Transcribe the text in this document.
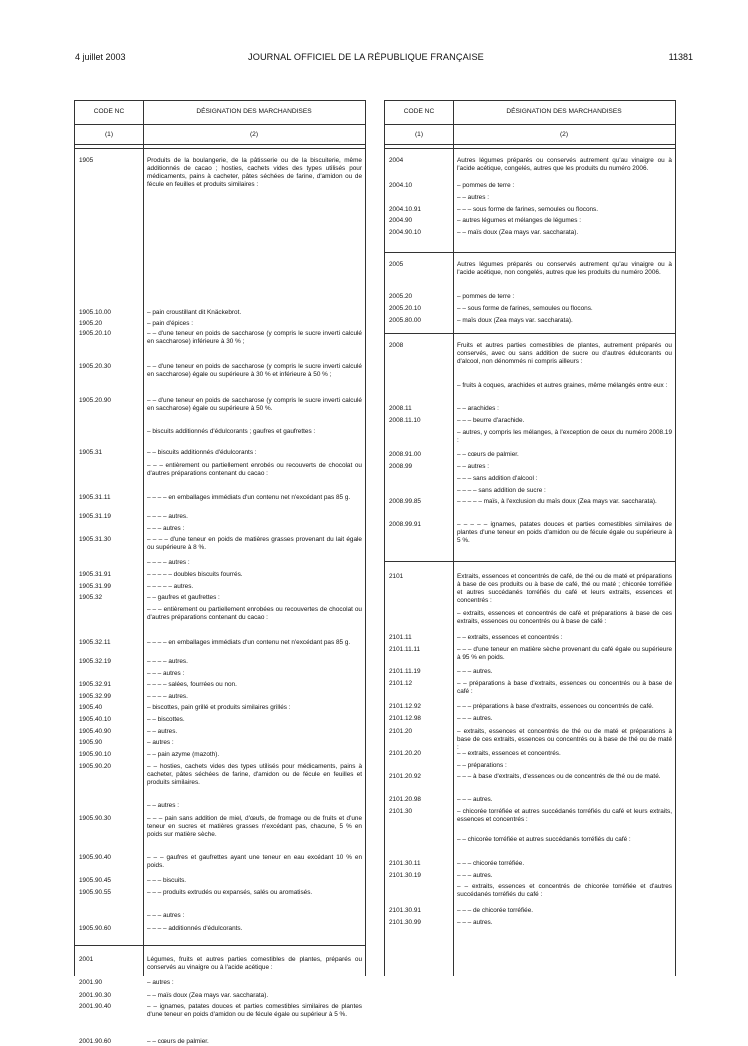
4 juillet 2003	JOURNAL OFFICIEL DE LA RÉPUBLIQUE FRANÇAISE	11381
CODE NC	DÉSIGNATION DES MARCHANDISES
(1)	(2)
1905	Produits de la boulangerie, de la pâtisserie ou de la biscuiterie, même additionnés de cacao ; hosties, cachets vides des types utilisés pour médicaments, pains à cacheter, pâtes séchées de farine, d'amidon ou de fécule en feuilles et produits similaires :
1905.10.00	– pain croustillant dit Knäckebrot.
1905.20	– pain d'épices :
1905.20.10	– – d'une teneur en poids de saccharose (y compris le sucre inverti calculé en saccharose) inférieure à 30 % ;
1905.20.30	– – d'une teneur en poids de saccharose (y compris le sucre inverti calculé en saccharose) égale ou supérieure à 30 % et inférieure à 50 % ;
1905.20.90	– – d'une teneur en poids de saccharose (y compris le sucre inverti calculé en saccharose) égale ou supérieure à 50 %.
– biscuits additionnés d'édulcorants ; gaufres et gaufrettes :
1905.31	– – biscuits additionnés d'édulcorants :
– – – entièrement ou partiellement enrobés ou recouverts de chocolat ou d'autres préparations contenant du cacao :
1905.31.11	– – – – en emballages immédiats d'un contenu net n'excédant pas 85 g.
1905.31.19	– – – – autres.
– – – autres :
1905.31.30	– – – – d'une teneur en poids de matières grasses provenant du lait égale ou supérieure à 8 %.
– – – – autres :
1905.31.91	– – – – – doubles biscuits fourrés.
1905.31.99	– – – – – autres.
1905.32	– – gaufres et gaufrettes :
– – – entièrement ou partiellement enrobées ou recouvertes de chocolat ou d'autres préparations contenant du cacao :
1905.32.11	– – – – en emballages immédiats d'un contenu net n'excédant pas 85 g.
1905.32.19	– – – – autres.
– – – autres :
1905.32.91	– – – – salées, fourrées ou non.
1905.32.99	– – – – autres.
1905.40	– biscottes, pain grillé et produits similaires grillés :
1905.40.10	– – biscottes.
1905.40.90	– – autres.
1905.90	– autres :
1905.90.10	– – pain azyme (mazoth).
1905.90.20	– – hosties, cachets vides des types utilisés pour médicaments, pains à cacheter, pâtes séchées de farine, d'amidon ou de fécule en feuilles et produits similaires.
– – autres :
1905.90.30	– – – pain sans addition de miel, d'œufs, de fromage ou de fruits et d'une teneur en sucres et matières grasses n'excédant pas, chacune, 5 % en poids sur matière sèche.
1905.90.40	– – – gaufres et gaufrettes ayant une teneur en eau excédant 10 % en poids.
1905.90.45	– – – biscuits.
1905.90.55	– – – produits extrudés ou expansés, salés ou aromatisés.
– – – autres :
1905.90.60	– – – – additionnés d'édulcorants.
2001	Légumes, fruits et autres parties comestibles de plantes, préparés ou conservés au vinaigre ou à l'acide acétique :
2001.90	– autres :
2001.90.30	– – maïs doux (Zea mays var. saccharata).
2001.90.40	– – ignames, patates douces et parties comestibles similaires de plantes d'une teneur en poids d'amidon ou de fécule égale ou supérieur à 5 %.
2001.90.60	– – cœurs de palmier.
CODE NC	DÉSIGNATION DES MARCHANDISES
(1)	(2)
2004	Autres légumes préparés ou conservés autrement qu'au vinaigre ou à l'acide acétique, congelés, autres que les produits du numéro 2006.
2004.10	– pommes de terre :
– – autres :
2004.10.91	– – – sous forme de farines, semoules ou flocons.
2004.90	– autres légumes et mélanges de légumes :
2004.90.10	– – maïs doux (Zea mays var. saccharata).
2005	Autres légumes préparés ou conservés autrement qu'au vinaigre ou à l'acide acétique, non congelés, autres que les produits du numéro 2006.
2005.20	– pommes de terre :
2005.20.10	– – sous forme de farines, semoules ou flocons.
2005.80.00	– maïs doux (Zea mays var. saccharata).
2008	Fruits et autres parties comestibles de plantes, autrement préparés ou conservés, avec ou sans addition de sucre ou d'autres édulcorants ou d'alcool, non dénommés ni compris ailleurs :
– fruits à coques, arachides et autres graines, même mélangés entre eux :
2008.11	– – arachides :
2008.11.10	– – – beurre d'arachide.
– autres, y compris les mélanges, à l'exception de ceux du numéro 2008.19 :
2008.91.00	– – cœurs de palmier.
2008.99	– – autres :
– – – sans addition d'alcool :
– – – – sans addition de sucre :
2008.99.85	– – – – – maïs, à l'exclusion du maïs doux (Zea mays var. saccharata).
2008.99.91	– – – – – ignames, patates douces et parties comestibles similaires de plantes d'une teneur en poids d'amidon ou de fécule égale ou supérieure à 5 %.
2101	Extraits, essences et concentrés de café, de thé ou de maté et préparations à base de ces produits ou à base de café, thé ou maté ; chicorée torréfiée et autres succédanés torréfiés du café et leurs extraits, essences et concentrés :
– extraits, essences et concentrés de café et préparations à base de ces extraits, essences ou concentrés ou à base de café :
2101.11	– – extraits, essences et concentrés :
2101.11.11	– – – d'une teneur en matière sèche provenant du café égale ou supérieure à 95 % en poids.
2101.11.19	– – – autres.
2101.12	– – préparations à base d'extraits, essences ou concentrés ou à base de café :
2101.12.92	– – – préparations à base d'extraits, essences ou concentrés de café.
2101.12.98	– – – autres.
2101.20	– extraits, essences et concentrés de thé ou de maté et préparations à base de ces extraits, essences ou concentrés ou à base de thé ou de maté :
2101.20.20	– – extraits, essences et concentrés.
– – préparations :
2101.20.92	– – – à base d'extraits, d'essences ou de concentrés de thé ou de maté.
2101.20.98	– – – autres.
2101.30	– chicorée torréfiée et autres succédanés torréfiés du café et leurs extraits, essences et concentrés :
– – chicorée torréfiée et autres succédanés torréfiés du café :
2101.30.11	– – – chicorée torréfiée.
2101.30.19	– – – autres.
– – extraits, essences et concentrés de chicorée torréfiée et d'autres succédanés torréfiés du café :
2101.30.91	– – – de chicorée torréfiée.
2101.30.99	– – – autres.
